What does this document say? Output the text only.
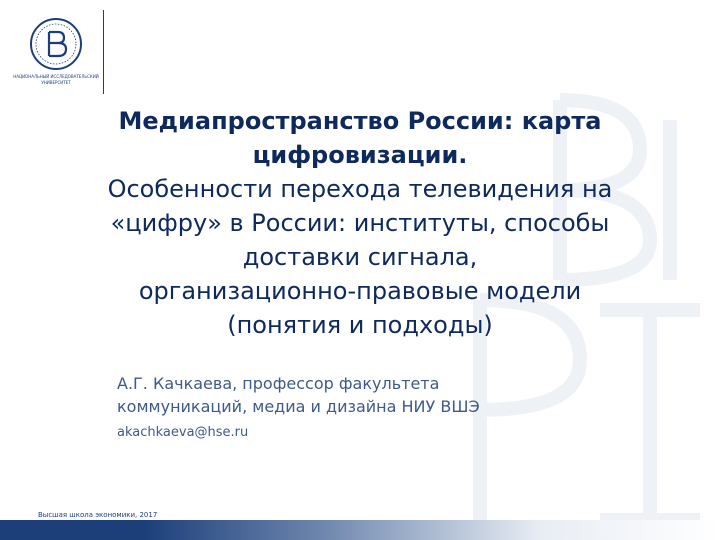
НАЦИОНАЛЬНЫЙ ИССЛЕДОВАТЕЛЬСКИЙ
УНИВЕРСИТЕТ
Медиапространство России: карта
цифровизации.
Особенности перехода телевидения на
«цифру» в России: институты, способы
доставки сигнала,
организационно-правовые модели
(понятия и подходы)
А.Г. Качкаева, профессор факультета
коммуникаций, медиа и дизайна НИУ ВШЭ
akachkaeva@hse.ru
Высшая школа экономики, 2017
